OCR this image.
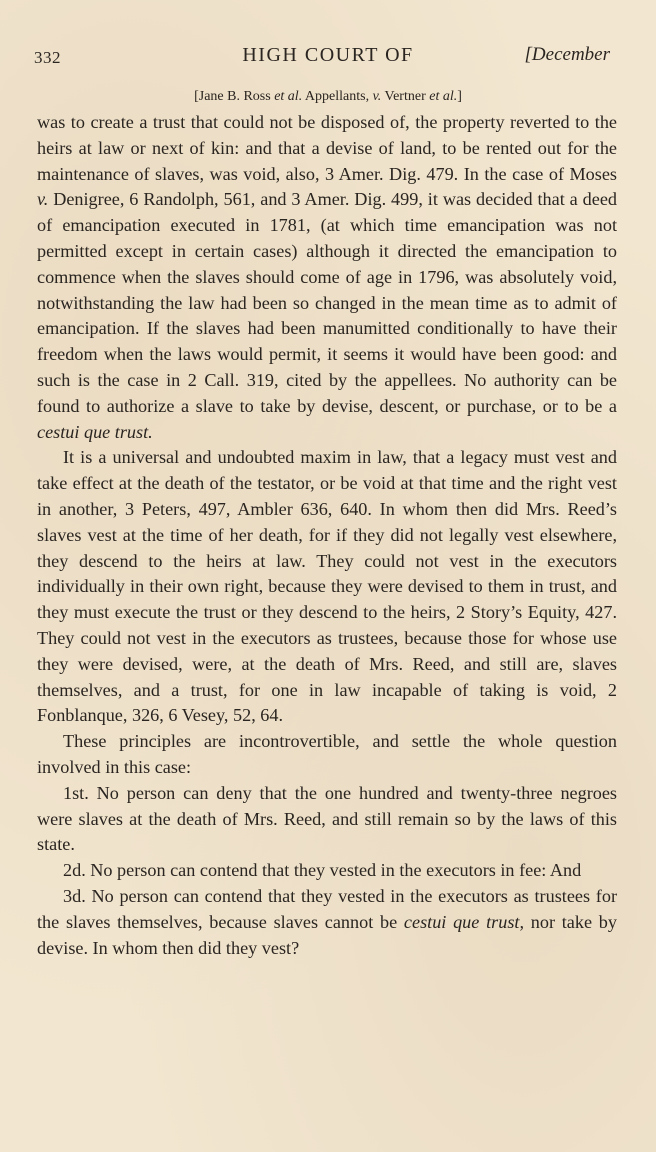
332	HIGH COURT OF	[December
[Jane B. Ross et al. Appellants, v. Vertner et al.]

was to create a trust that could not be disposed of, the property reverted to the heirs at law or next of kin: and that a devise of land, to be rented out for the maintenance of slaves, was void, also, 3 Amer. Dig. 479. In the case of Moses v. Denigree, 6 Randolph, 561, and 3 Amer. Dig. 499, it was decided that a deed of emancipation executed in 1781, (at which time emancipation was not permitted except in certain cases) although it directed the emancipation to commence when the slaves should come of age in 1796, was absolutely void, notwithstanding the law had been so changed in the mean time as to admit of emancipation. If the slaves had been manumitted conditionally to have their freedom when the laws would permit, it seems it would have been good: and such is the case in 2 Call. 319, cited by the appellees. No authority can be found to authorize a slave to take by devise, descent, or purchase, or to be a cestui que trust.

It is a universal and undoubted maxim in law, that a legacy must vest and take effect at the death of the testator, or be void at that time and the right vest in another, 3 Peters, 497, Ambler 636, 640. In whom then did Mrs. Reed’s slaves vest at the time of her death, for if they did not legally vest elsewhere, they descend to the heirs at law. They could not vest in the executors individually in their own right, because they were devised to them in trust, and they must execute the trust or they descend to the heirs, 2 Story’s Equity, 427. They could not vest in the executors as trustees, because those for whose use they were devised, were, at the death of Mrs. Reed, and still are, slaves themselves, and a trust, for one in law incapable of taking is void, 2 Fonblanque, 326, 6 Vesey, 52, 64.

These principles are incontrovertible, and settle the whole question involved in this case:

1st. No person can deny that the one hundred and twenty-three negroes were slaves at the death of Mrs. Reed, and still remain so by the laws of this state.

2d. No person can contend that they vested in the executors in fee: And

3d. No person can contend that they vested in the executors as trustees for the slaves themselves, because slaves cannot be cestui que trust, nor take by devise. In whom then did they vest?
